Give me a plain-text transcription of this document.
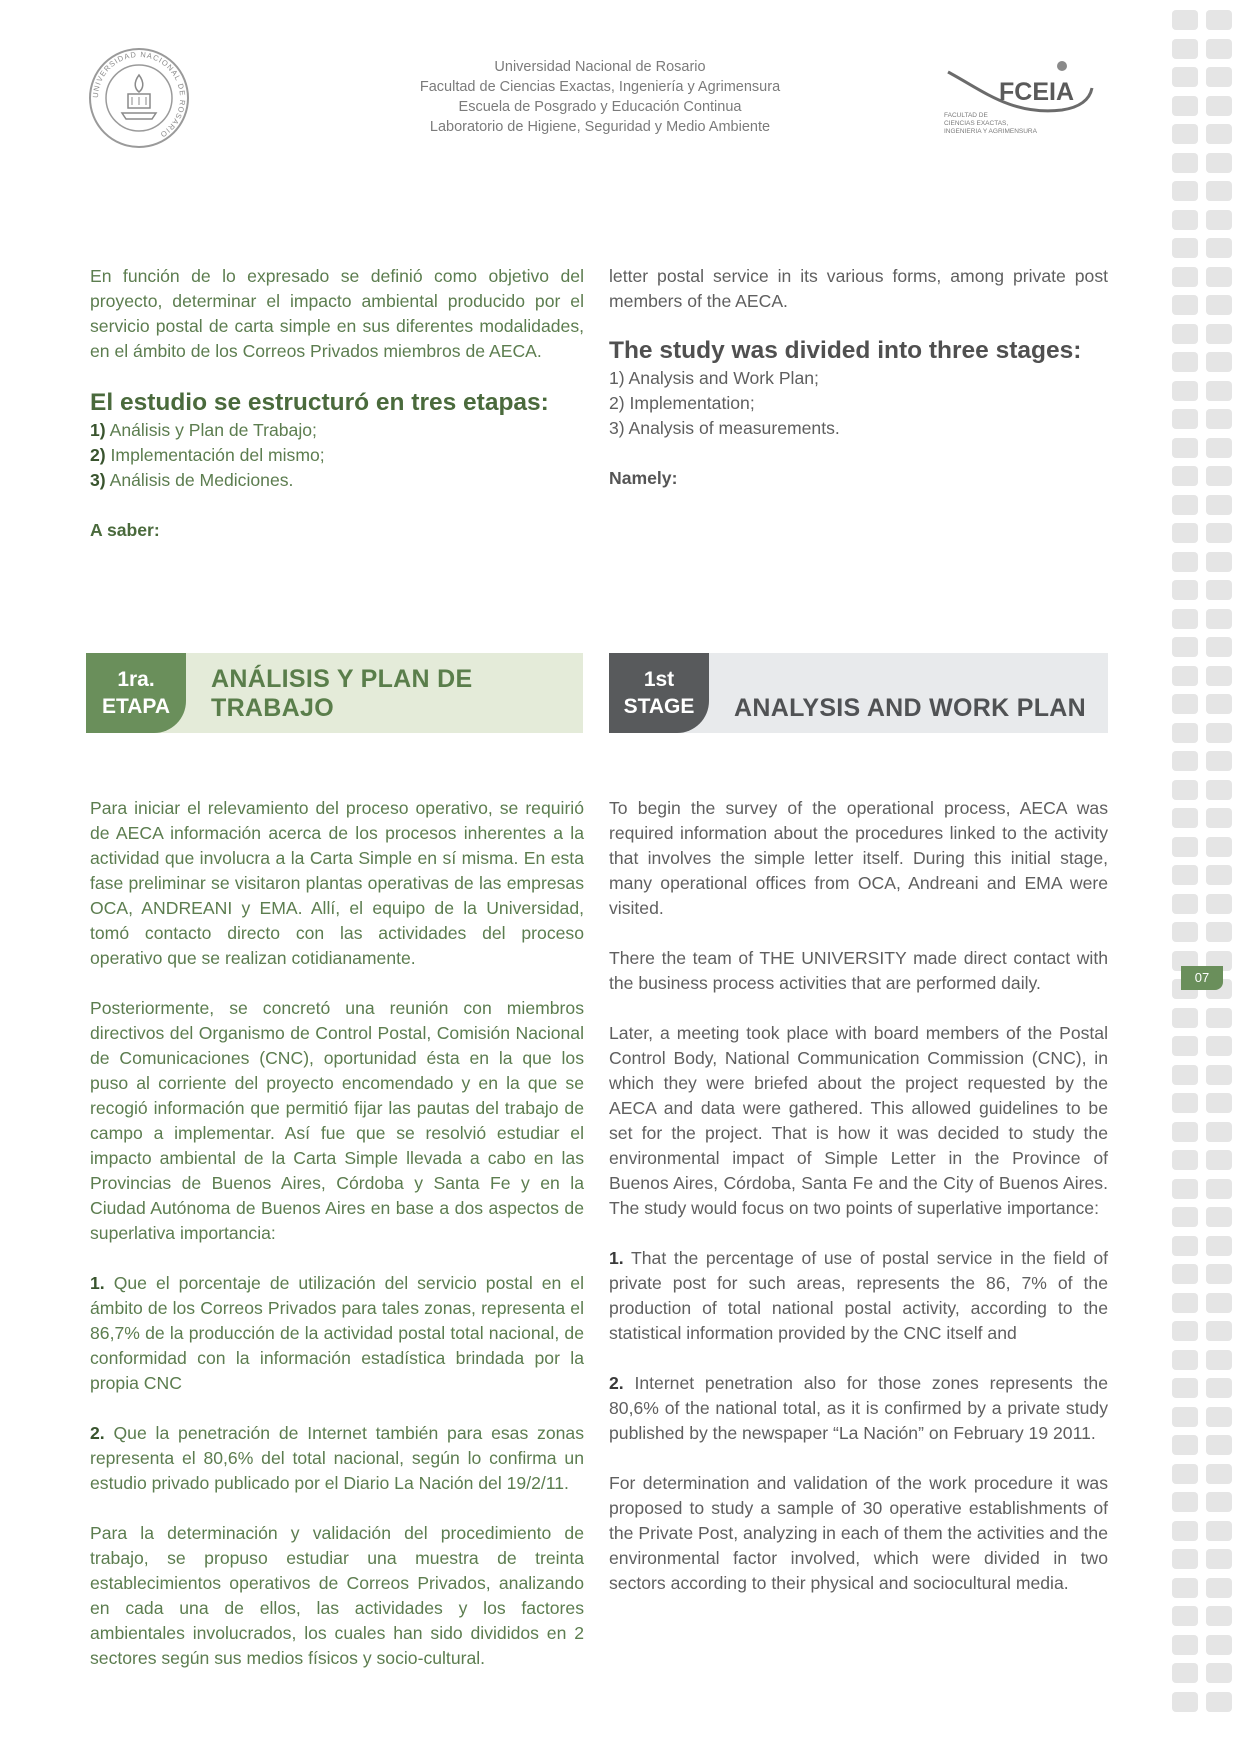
UNIVERSIDAD NACIONAL DE ROSARIO
Universidad Nacional de Rosario
Facultad de Ciencias Exactas, Ingeniería y Agrimensura
Escuela de Posgrado y Educación Continua
Laboratorio de Higiene, Seguridad y Medio Ambiente
FCEIA
FACULTAD DE
CIENCIAS EXACTAS,
INGENIERIA Y AGRIMENSURA

En función de lo expresado se definió como objetivo del proyecto, determinar el impacto ambiental producido por el servicio postal de carta simple en sus diferentes modalidades, en el ámbito de los Correos Privados miembros de AECA.

El estudio se estructuró en tres etapas:

1) Análisis y Plan de Trabajo;

2) Implementación del mismo;

3) Análisis de Mediciones.

A saber:

letter postal service in its various forms, among private post members of the AECA.

The study was divided into three stages:

1) Analysis and Work Plan;

2) Implementation;

3) Analysis of measurements.

Namely:

1ra.
ETAPA
ANÁLISIS Y PLAN DE TRABAJO
1st
STAGE	ANALYSIS AND WORK PLAN

Para iniciar el relevamiento del proceso operativo, se requirió de AECA información acerca de los procesos inherentes a la actividad que involucra a la Carta Simple en sí misma. En esta fase preliminar se visitaron plantas operativas de las empresas OCA, ANDREANI y EMA. Allí, el equipo de la Universidad, tomó contacto directo con las actividades del proceso operativo que se realizan cotidianamente.

Posteriormente, se concretó una reunión con miembros directivos del Organismo de Control Postal, Comisión Nacional de Comunicaciones (CNC), oportunidad ésta en la que los puso al corriente del proyecto encomendado y en la que se recogió información que permitió fijar las pautas del trabajo de campo a implementar. Así fue que se resolvió estudiar el impacto ambiental de la Carta Simple llevada a cabo en las Provincias de Buenos Aires, Córdoba y Santa Fe y en la Ciudad Autónoma de Buenos Aires en base a dos aspectos de superlativa importancia:

1. Que el porcentaje de utilización del servicio postal en el ámbito de los Correos Privados para tales zonas, representa el 86,7% de la producción de la actividad postal total nacional, de conformidad con la información estadística brindada por la propia CNC

2. Que la penetración de Internet también para esas zonas representa el 80,6% del total nacional, según lo confirma un estudio privado publicado por el Diario La Nación del 19/2/11.

Para la determinación y validación del procedimiento de trabajo, se propuso estudiar una muestra de treinta establecimientos operativos de Correos Privados, analizando en cada una de ellos, las actividades y los factores ambientales involucrados, los cuales han sido divididos en 2 sectores según sus medios físicos y socio-cultural.

To begin the survey of the operational process, AECA was required information about the procedures linked to the activity that involves the simple letter itself. During this initial stage, many operational offices from OCA, Andreani and EMA were visited.

There the team of THE UNIVERSITY made direct contact with the business process activities that are performed daily.

Later, a meeting took place with board members of the Postal Control Body, National Communication Commission (CNC), in which they were briefed about the project requested by the AECA and data were gathered. This allowed guidelines to be set for the project. That is how it was decided to study the environmental impact of Simple Letter in the Province of Buenos Aires, Córdoba, Santa Fe and the City of Buenos Aires. The study would focus on two points of superlative importance:

1. That the percentage of use of postal service in the field of private post for such areas, represents the 86, 7% of the production of total national postal activity, according to the statistical information provided by the CNC itself and

2. Internet penetration also for those zones represents the 80,6% of the national total, as it is confirmed by a private study published by the newspaper “La Nación” on February 19 2011.

For determination and validation of the work procedure it was proposed to study a sample of 30 operative establishments of the Private Post, analyzing in each of them the activities and the environmental factor involved, which were divided in two sectors according to their physical and sociocultural media.

07
